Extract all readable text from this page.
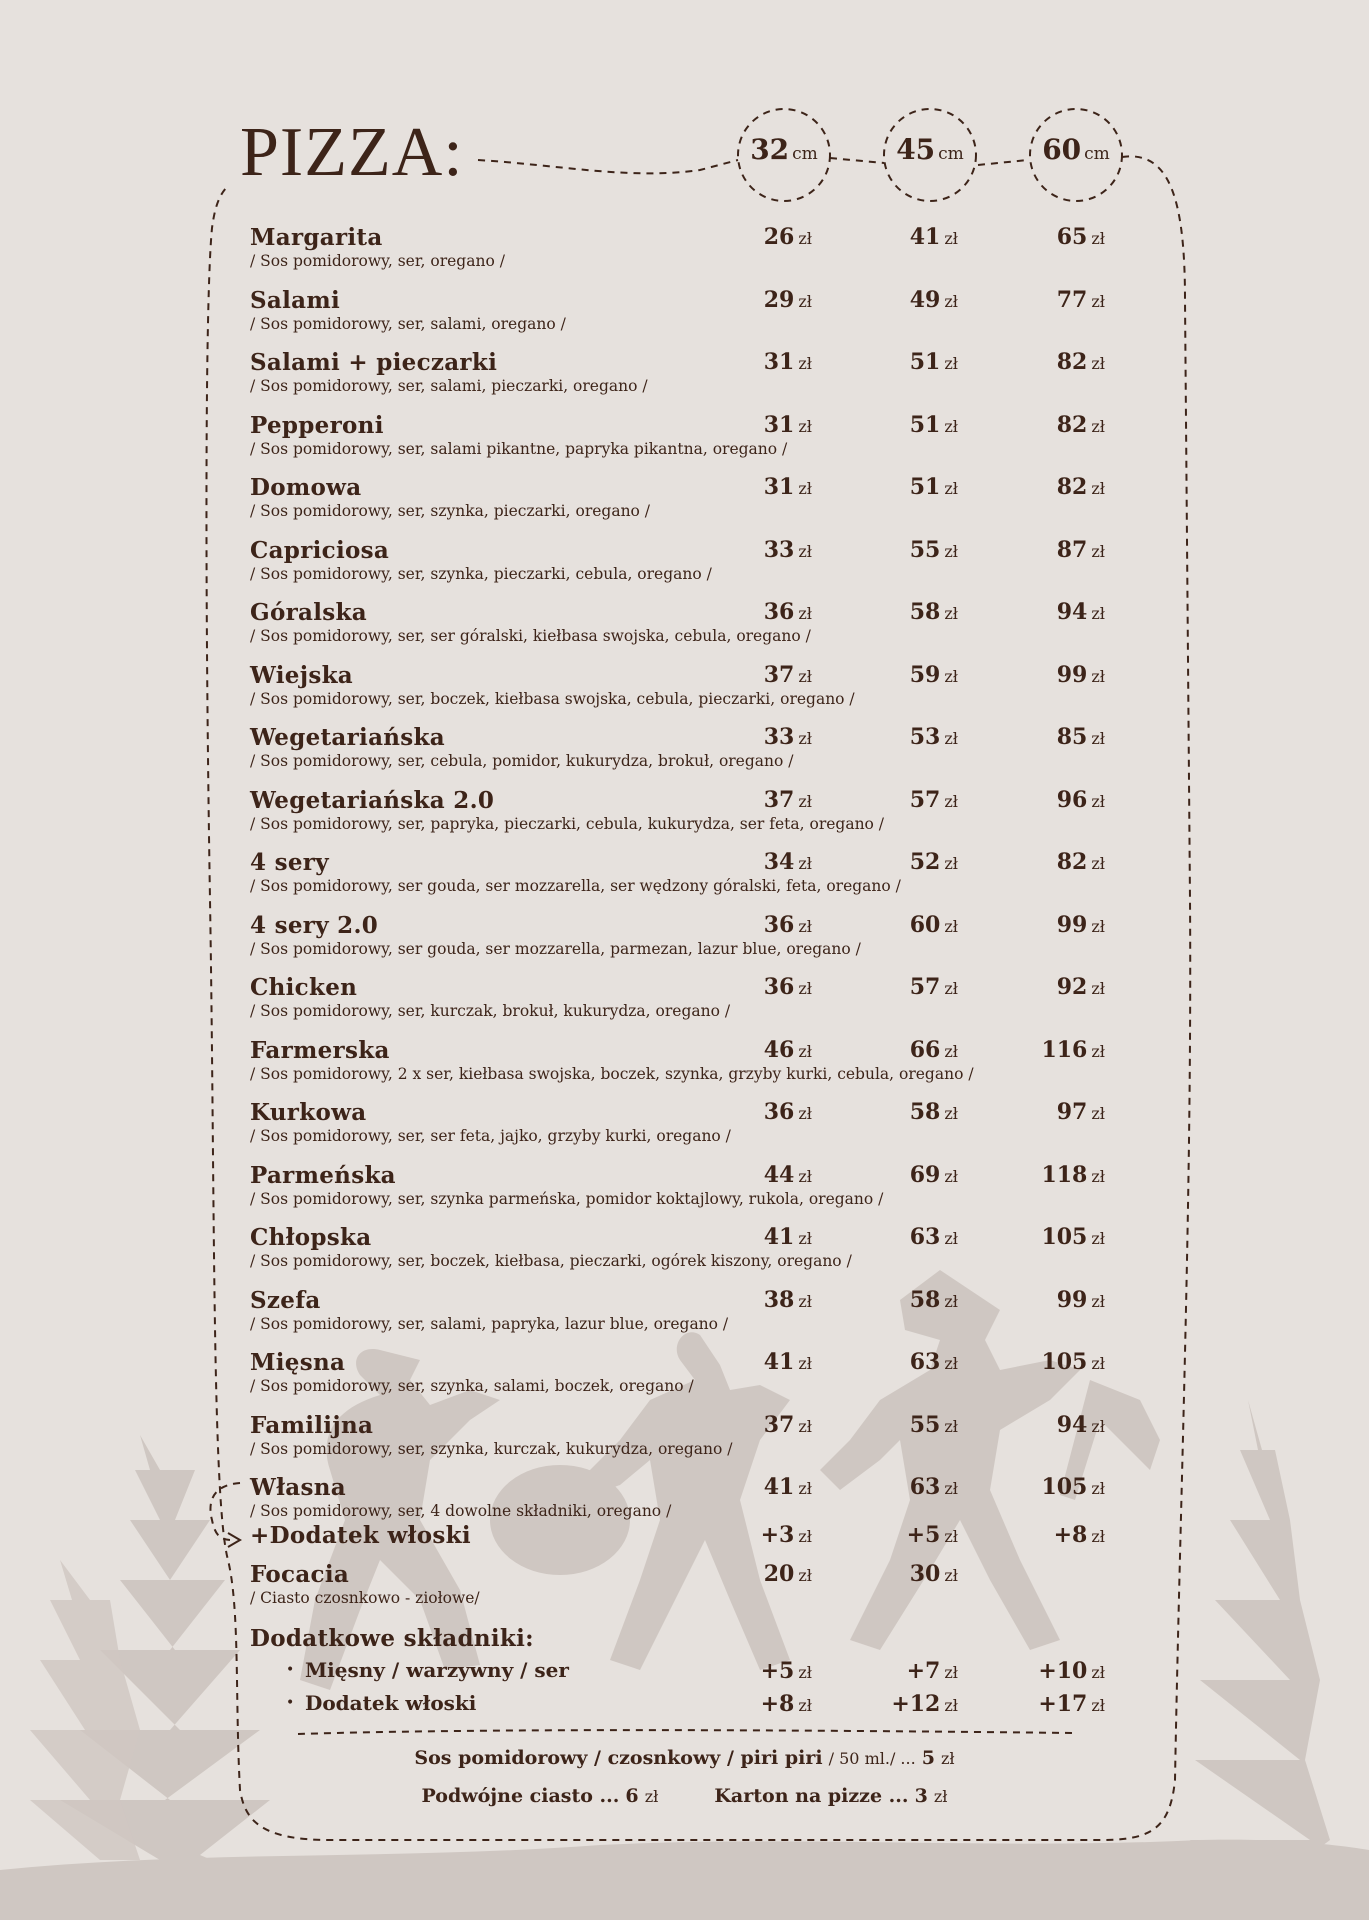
PIZZA:	32 cm	45 cm	60 cm
Margarita
/ Sos pomidorowy, ser, oregano /
26 zł	41 zł	65 zł
Salami
/ Sos pomidorowy, ser, salami, oregano /
29 zł	49 zł	77 zł
Salami + pieczarki
/ Sos pomidorowy, ser, salami, pieczarki, oregano /
31 zł	51 zł	82 zł
Pepperoni
/ Sos pomidorowy, ser, salami pikantne, papryka pikantna, oregano /
31 zł	51 zł	82 zł
Domowa
/ Sos pomidorowy, ser, szynka, pieczarki, oregano /
31 zł	51 zł	82 zł
Capriciosa
/ Sos pomidorowy, ser, szynka, pieczarki, cebula, oregano /
33 zł	55 zł	87 zł
Góralska
/ Sos pomidorowy, ser, ser góralski, kiełbasa swojska, cebula, oregano /
36 zł	58 zł	94 zł
Wiejska
/ Sos pomidorowy, ser, boczek, kiełbasa swojska, cebula, pieczarki, oregano /
37 zł	59 zł	99 zł
Wegetariańska
/ Sos pomidorowy, ser, cebula, pomidor, kukurydza, brokuł, oregano /
33 zł	53 zł	85 zł
Wegetariańska 2.0
/ Sos pomidorowy, ser, papryka, pieczarki, cebula, kukurydza, ser feta, oregano /
37 zł	57 zł	96 zł
4 sery
/ Sos pomidorowy, ser gouda, ser mozzarella, ser wędzony góralski, feta, oregano /
34 zł	52 zł	82 zł
4 sery 2.0
/ Sos pomidorowy, ser gouda, ser mozzarella, parmezan, lazur blue, oregano /
36 zł	60 zł	99 zł
Chicken
/ Sos pomidorowy, ser, kurczak, brokuł, kukurydza, oregano /
36 zł	57 zł	92 zł
Farmerska
/ Sos pomidorowy, 2 x ser, kiełbasa swojska, boczek, szynka, grzyby kurki, cebula, oregano /
46 zł	66 zł	116 zł
Kurkowa
/ Sos pomidorowy, ser, ser feta, jajko, grzyby kurki, oregano /
36 zł	58 zł	97 zł
Parmeńska
/ Sos pomidorowy, ser, szynka parmeńska, pomidor koktajlowy, rukola, oregano /
44 zł	69 zł	118 zł
Chłopska
/ Sos pomidorowy, ser, boczek, kiełbasa, pieczarki, ogórek kiszony, oregano /
41 zł	63 zł	105 zł
Szefa
/ Sos pomidorowy, ser, salami, papryka, lazur blue, oregano /
38 zł	58 zł	99 zł
Mięsna
/ Sos pomidorowy, ser, szynka, salami, boczek, oregano /
41 zł	63 zł	105 zł
Familijna
/ Sos pomidorowy, ser, szynka, kurczak, kukurydza, oregano /
37 zł	55 zł	94 zł
Własna
/ Sos pomidorowy, ser, 4 dowolne składniki, oregano /
41 zł	63 zł	105 zł
+Dodatek włoski	+3 zł	+5 zł	+8 zł
Focacia
/ Ciasto czosnkowo - ziołowe/
20 zł	30 zł
Dodatkowe składniki:
• Mięsny / warzywny / ser	+5 zł	+7 zł	+10 zł
• Dodatek włoski	+8 zł	+12 zł	+17 zł
Sos pomidorowy / czosnkowy / piri piri / 50 ml./ ... 5 zł
Podwójne ciasto ... 6 zł	Karton na pizze ... 3 zł
